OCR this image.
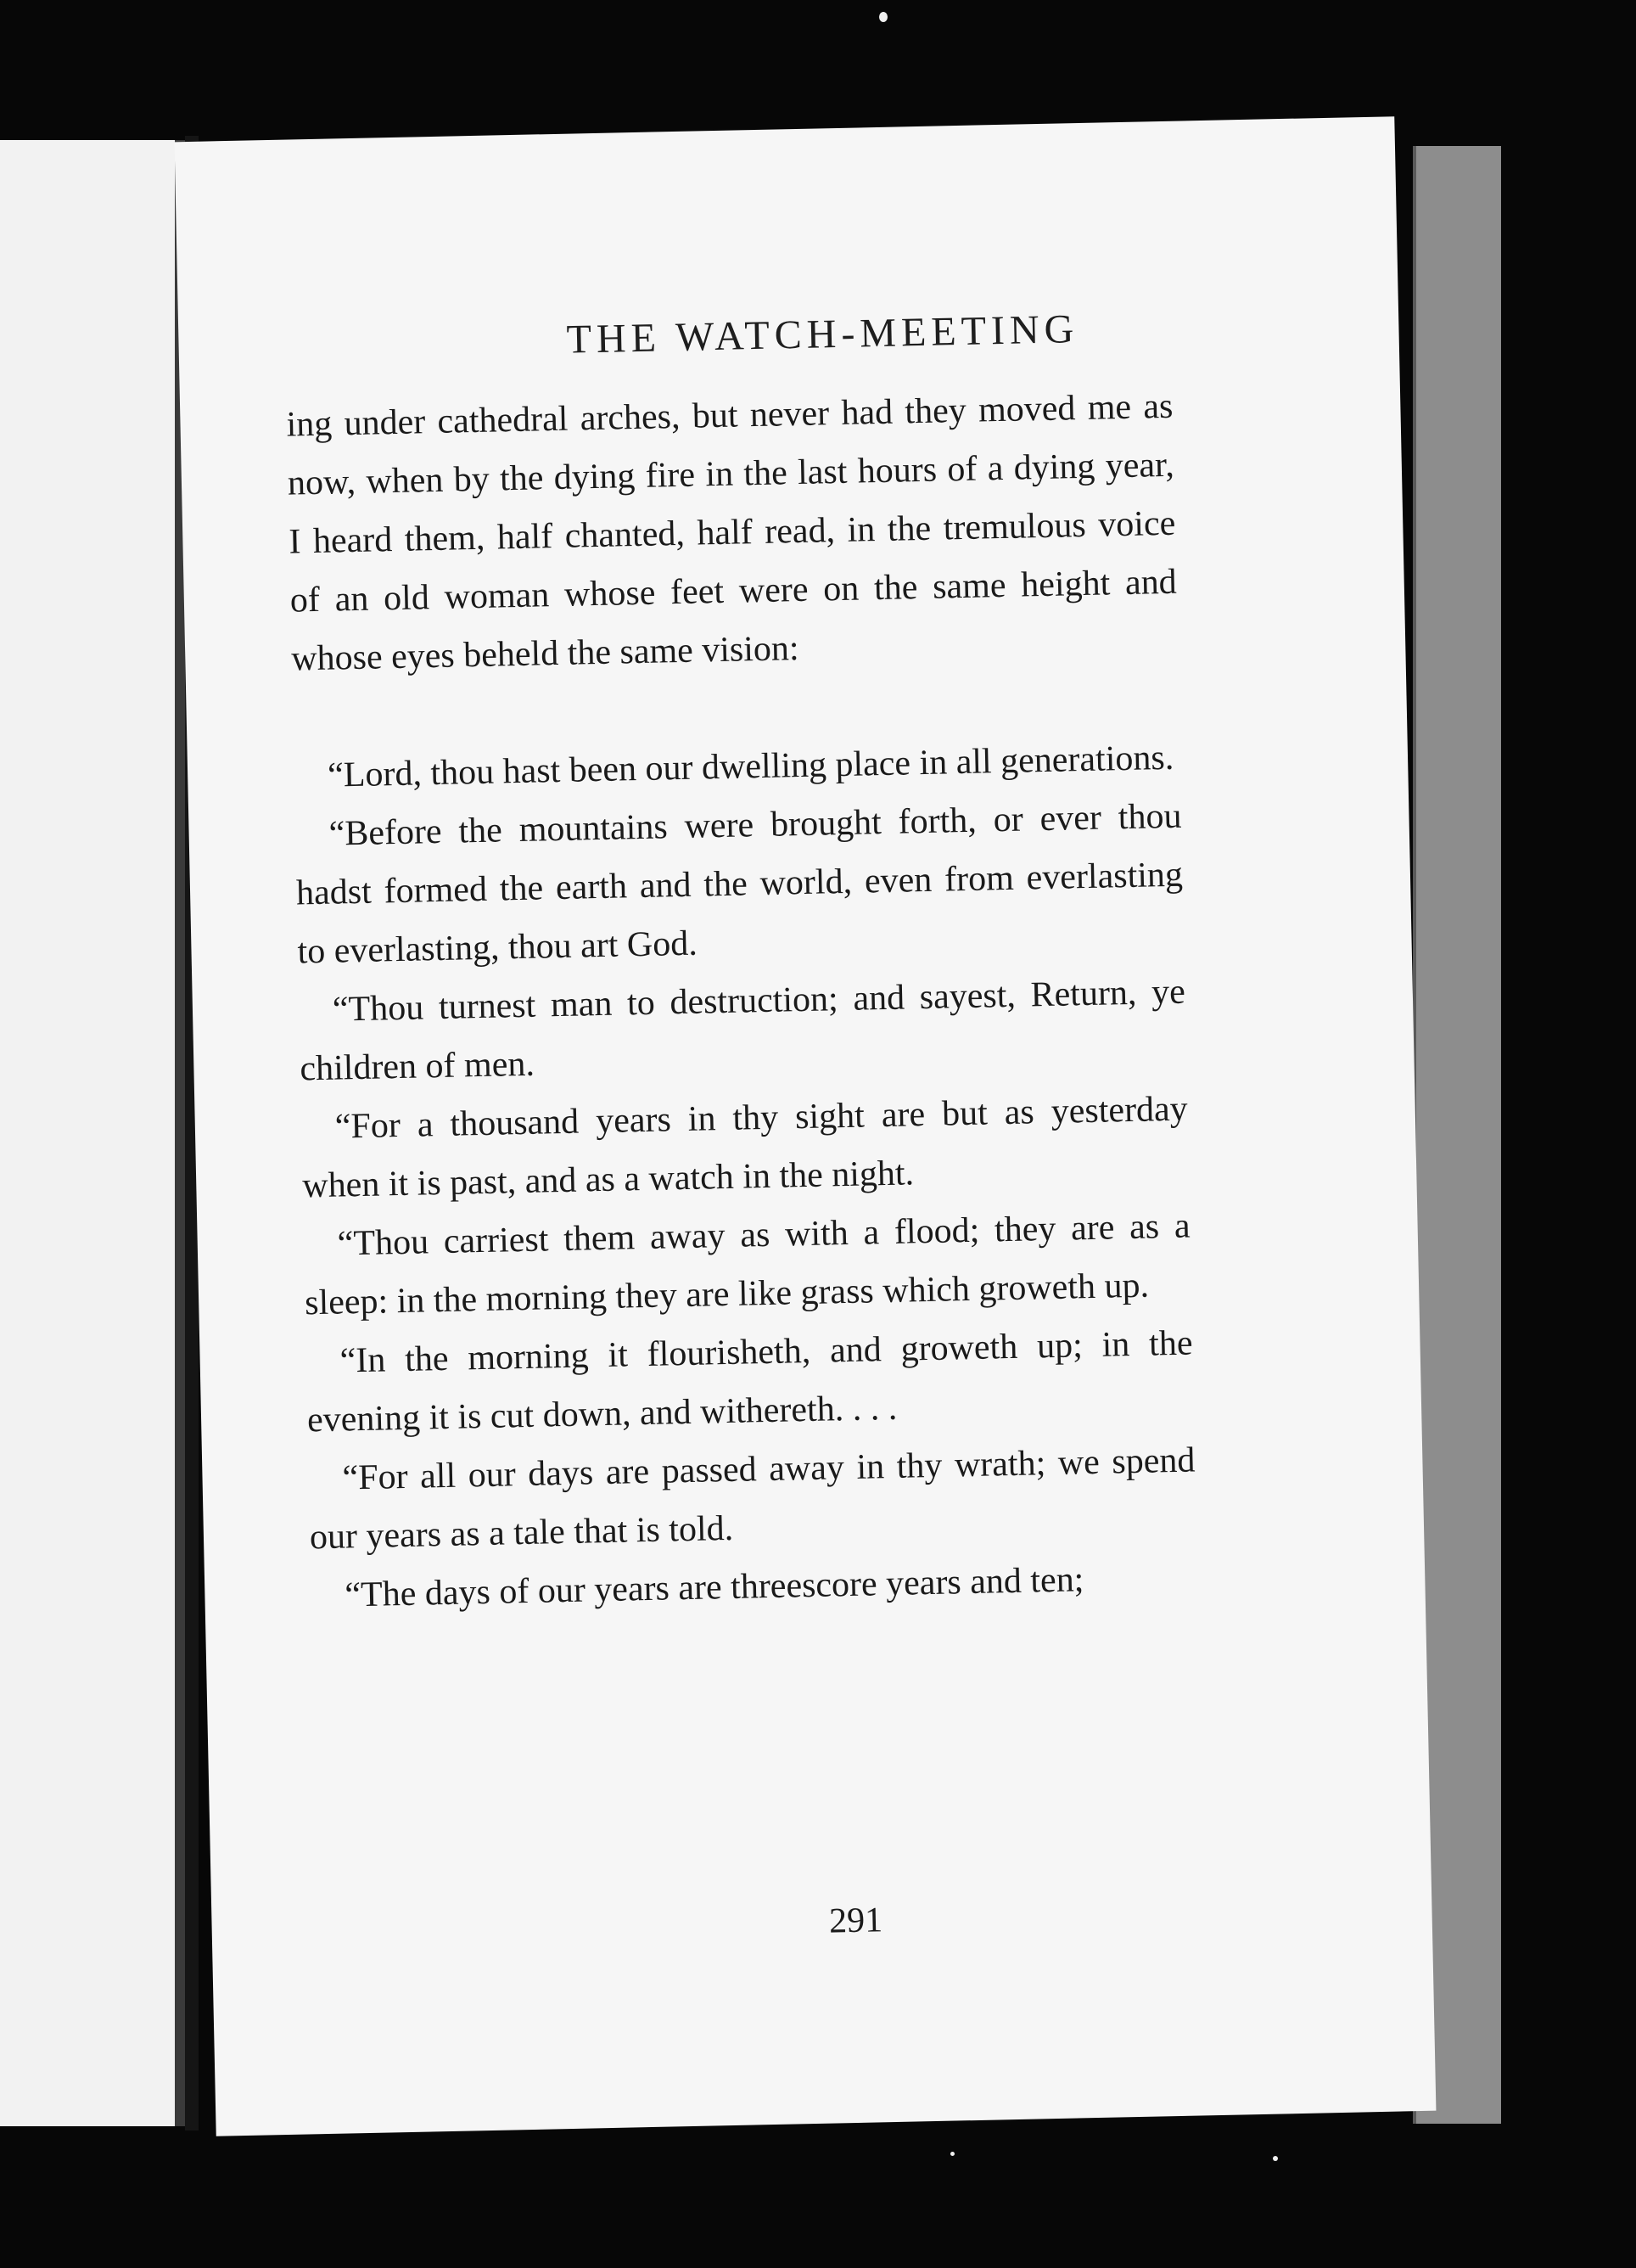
THE WATCH-MEETING

ing under cathedral arches, but never had they moved me as now, when by the dying fire in the last hours of a dying year, I heard them, half chanted, half read, in the tremulous voice of an old woman whose feet were on the same height and whose eyes beheld the same vision:

“Lord, thou hast been our dwelling place in all generations.

“Before the mountains were brought forth, or ever thou hadst formed the earth and the world, even from everlasting to everlasting, thou art God.

“Thou turnest man to destruction; and sayest, Return, ye children of men.

“For a thousand years in thy sight are but as yesterday when it is past, and as a watch in the night.

“Thou carriest them away as with a flood; they are as a sleep: in the morning they are like grass which groweth up.

“In the morning it flourisheth, and groweth up; in the evening it is cut down, and withereth. . . .

“For all our days are passed away in thy wrath; we spend our years as a tale that is told.

“The days of our years are threescore years and ten;

291
